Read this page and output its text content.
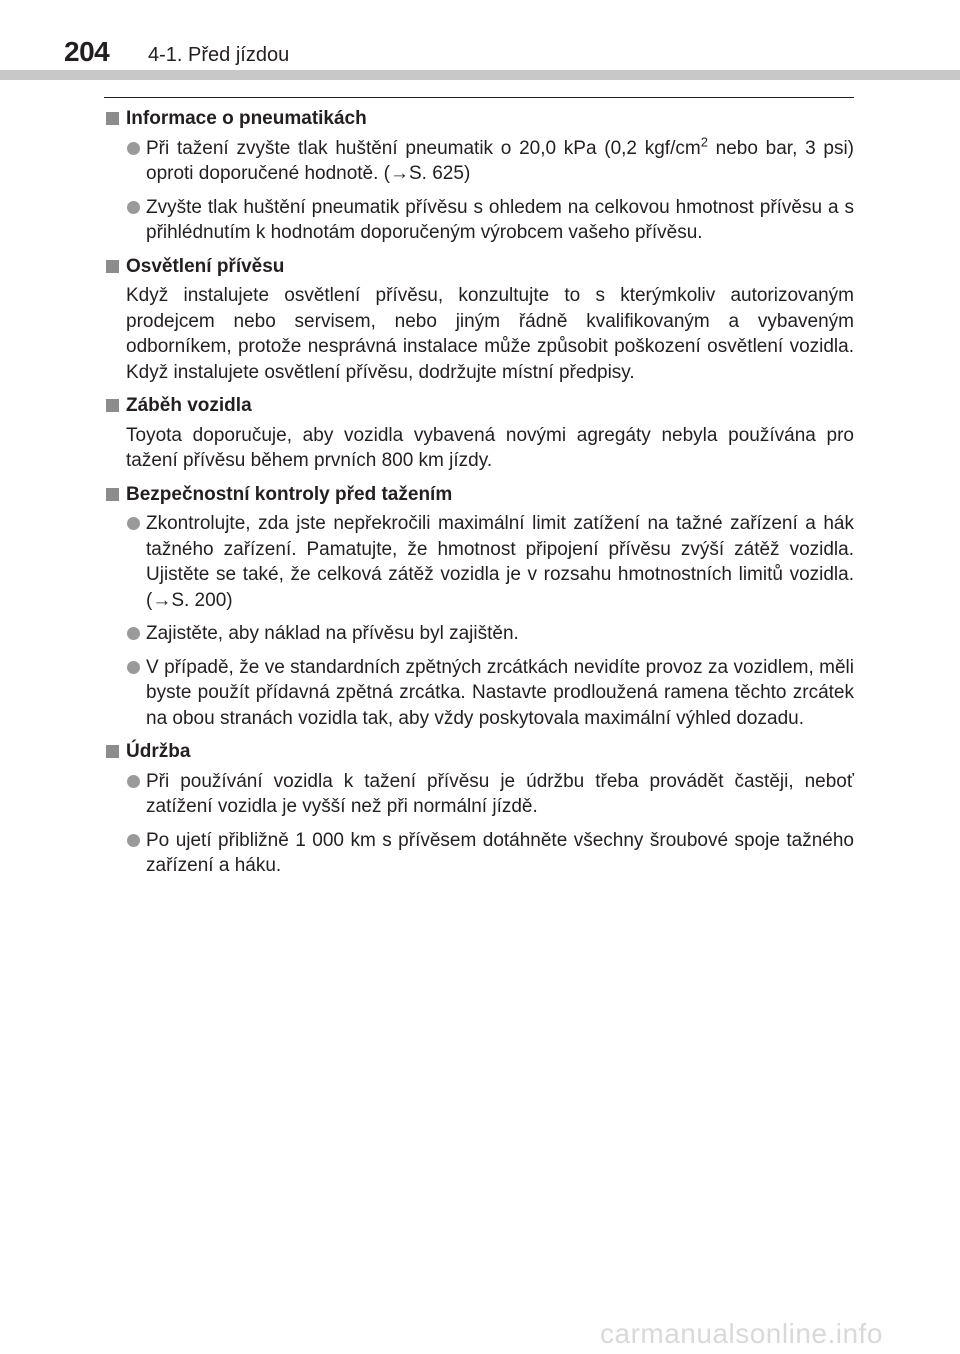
204 4-1. Před jízdou
Informace o pneumatikách
Při tažení zvyšte tlak huštění pneumatik o 20,0 kPa (0,2 kgf/$cm^2$ nebo bar, 3 psi) oproti doporučené hodnotě. (→S. 625)
Zvyšte tlak huštění pneumatik přívěsu s ohledem na celkovou hmotnost přívěsu a s přihlédnutím k hodnotám doporučeným výrobcem vašeho přívěsu.
Osvětlení přívěsu
Když instalujete osvětlení přívěsu, konzultujte to s kterýmkoliv autorizovaným prodejcem nebo servisem, nebo jiným řádně kvalifikovaným a vybaveným odborníkem, protože nesprávná instalace může způsobit poškození osvětlení vozidla. Když instalujete osvětlení přívěsu, dodržujte místní předpisy.
Záběh vozidla
Toyota doporučuje, aby vozidla vybavená novými agregáty nebyla používána pro tažení přívěsu během prvních 800 km jízdy.
Bezpečnostní kontroly před tažením
Zkontrolujte, zda jste nepřekročili maximální limit zatížení na tažné zařízení a hák tažného zařízení. Pamatujte, že hmotnost připojení přívěsu zvýší zátěž vozidla. Ujistěte se také, že celková zátěž vozidla je v rozsahu hmotnostních limitů vozidla. (→S. 200)
Zajistěte, aby náklad na přívěsu byl zajištěn.
V případě, že ve standardních zpětných zrcátkách nevidíte provoz za vozidlem, měli byste použít přídavná zpětná zrcátka. Nastavte prodloužená ramena těchto zrcátek na obou stranách vozidla tak, aby vždy poskytovala maximální výhled dozadu.
Údržba
Při používání vozidla k tažení přívěsu je údržbu třeba provádět častěji, neboť zatížení vozidla je vyšší než při normální jízdě.
Po ujetí přibližně 1 000 km s přívěsem dotáhněte všechny šroubové spoje tažného zařízení a háku.
carmanualsonline.info
